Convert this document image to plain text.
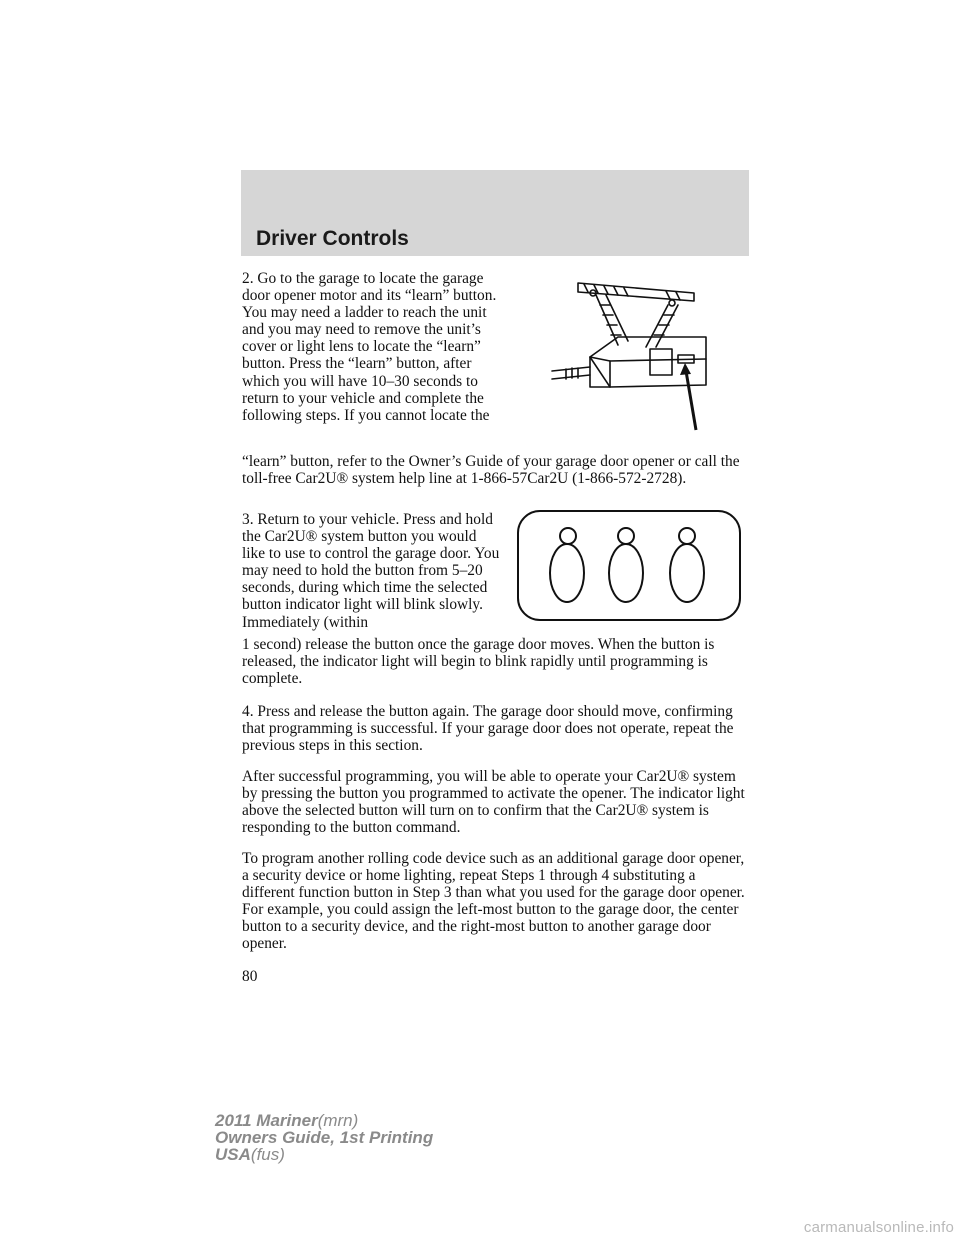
Driver Controls
2. Go to the garage to locate the garage door opener motor and its “learn” button. You may need a ladder to reach the unit and you may need to remove the unit’s cover or light lens to locate the “learn” button. Press the “learn” button, after which you will have 10–30 seconds to return to your vehicle and complete the following steps. If you cannot locate the
“learn” button, refer to the Owner’s Guide of your garage door opener or call the toll-free Car2U® system help line at 1-866-57Car2U (1-866-572-2728).
3. Return to your vehicle. Press and hold the Car2U® system button you would like to use to control the garage door. You may need to hold the button from 5–20 seconds, during which time the selected button indicator light will blink slowly. Immediately (within
1 second) release the button once the garage door moves. When the button is released, the indicator light will begin to blink rapidly until programming is complete.
4. Press and release the button again. The garage door should move, confirming that programming is successful. If your garage door does not operate, repeat the previous steps in this section.
After successful programming, you will be able to operate your Car2U® system by pressing the button you programmed to activate the opener. The indicator light above the selected button will turn on to confirm that the Car2U® system is responding to the button command.
To program another rolling code device such as an additional garage door opener, a security device or home lighting, repeat Steps 1 through 4 substituting a different function button in Step 3 than what you used for the garage door opener. For example, you could assign the left-most button to the garage door, the center button to a security device, and the right-most button to another garage door opener.
80
2011 Mariner(mrn)
Owners Guide, 1st Printing
USA(fus)
carmanualsonline.info
